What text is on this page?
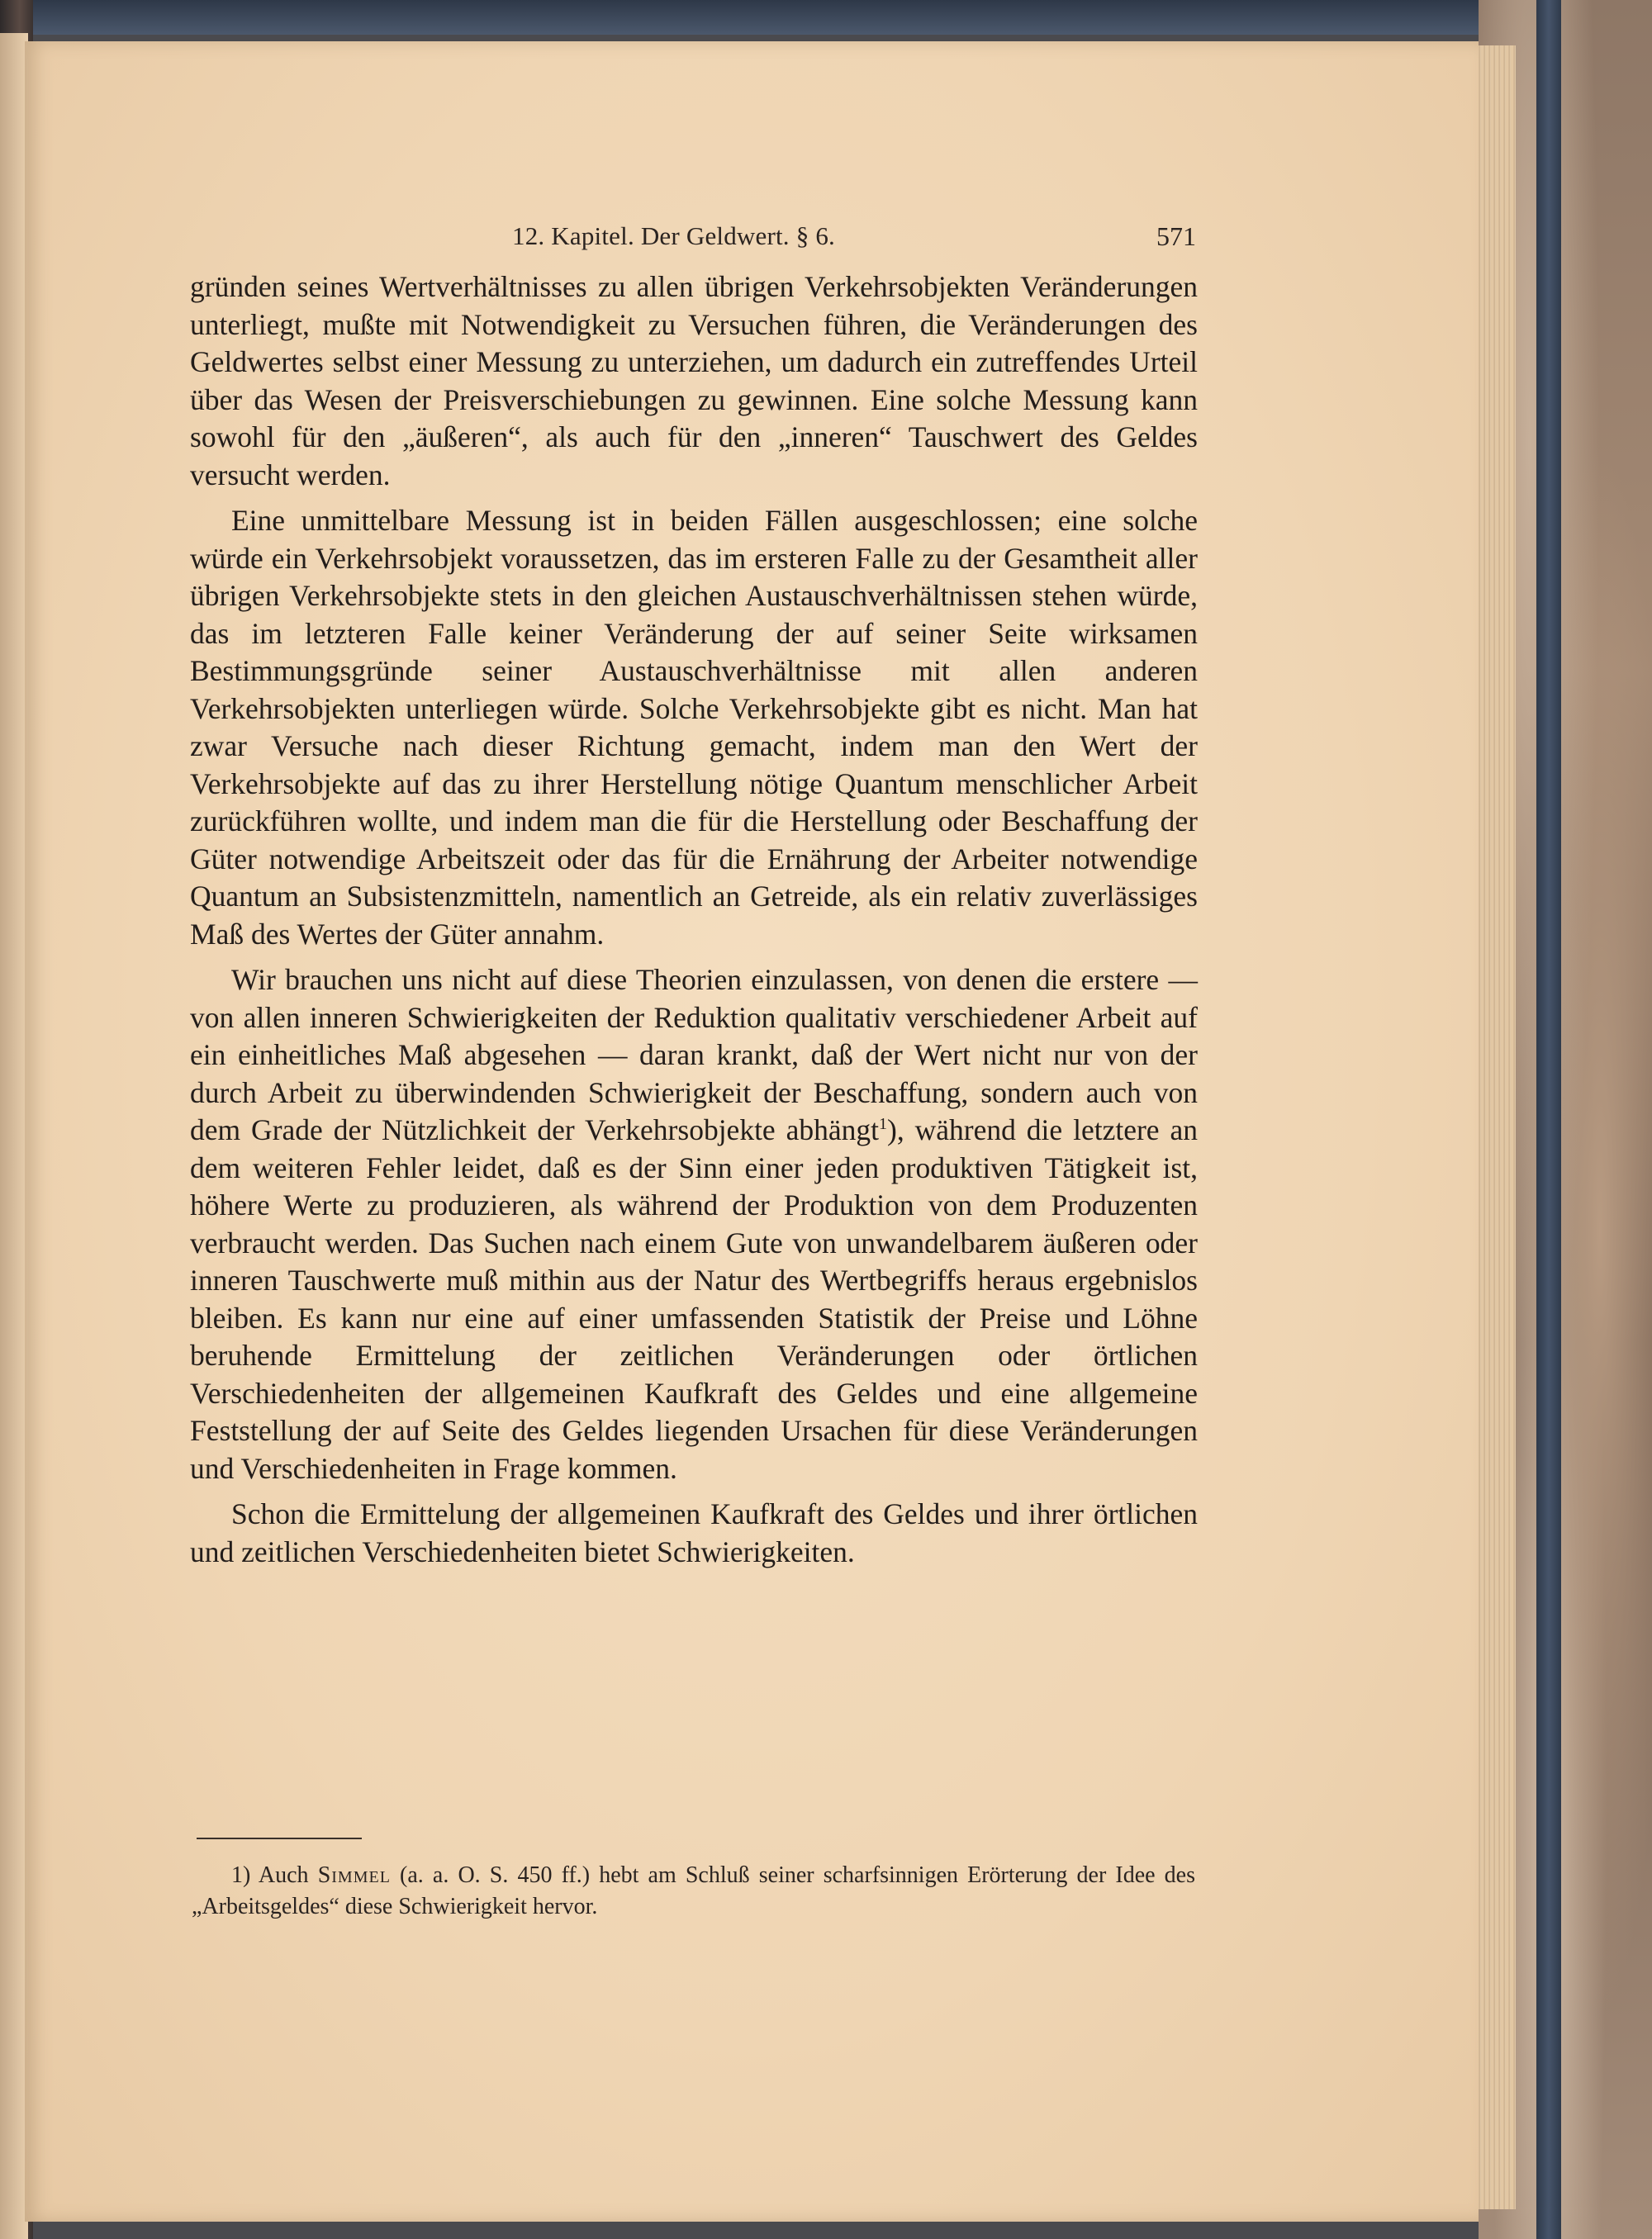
12. Kapitel. Der Geldwert. § 6.	571

gründen seines Wertverhältnisses zu allen übrigen Verkehrsobjekten Veränderungen unterliegt, mußte mit Notwendigkeit zu Versuchen führen, die Veränderungen des Geldwertes selbst einer Messung zu unterziehen, um dadurch ein zutreffendes Urteil über das Wesen der Preisverschiebungen zu gewinnen. Eine solche Messung kann sowohl für den „äußeren“, als auch für den „inneren“ Tauschwert des Geldes versucht werden.

Eine unmittelbare Messung ist in beiden Fällen ausgeschlossen; eine solche würde ein Verkehrsobjekt voraussetzen, das im ersteren Falle zu der Gesamtheit aller übrigen Verkehrsobjekte stets in den gleichen Austauschverhältnissen stehen würde, das im letzteren Falle keiner Veränderung der auf seiner Seite wirksamen Bestimmungsgründe seiner Austauschverhältnisse mit allen anderen Verkehrsobjekten unterliegen würde. Solche Verkehrsobjekte gibt es nicht. Man hat zwar Versuche nach dieser Richtung gemacht, indem man den Wert der Verkehrsobjekte auf das zu ihrer Herstellung nötige Quantum menschlicher Arbeit zurückführen wollte, und indem man die für die Herstellung oder Beschaffung der Güter notwendige Arbeitszeit oder das für die Ernährung der Arbeiter notwendige Quantum an Subsistenzmitteln, namentlich an Getreide, als ein relativ zuverlässiges Maß des Wertes der Güter annahm.

Wir brauchen uns nicht auf diese Theorien einzulassen, von denen die erstere — von allen inneren Schwierigkeiten der Reduktion qualitativ verschiedener Arbeit auf ein einheitliches Maß abgesehen — daran krankt, daß der Wert nicht nur von der durch Arbeit zu überwindenden Schwierigkeit der Beschaffung, sondern auch von dem Grade der Nützlichkeit der Verkehrsobjekte abhängt$^1$), während die letztere an dem weiteren Fehler leidet, daß es der Sinn einer jeden produktiven Tätigkeit ist, höhere Werte zu produzieren, als während der Produktion von dem Produzenten verbraucht werden. Das Suchen nach einem Gute von unwandelbarem äußeren oder inneren Tauschwerte muß mithin aus der Natur des Wertbegriffs heraus ergebnislos bleiben. Es kann nur eine auf einer umfassenden Statistik der Preise und Löhne beruhende Ermittelung der zeitlichen Veränderungen oder örtlichen Verschiedenheiten der allgemeinen Kaufkraft des Geldes und eine allgemeine Feststellung der auf Seite des Geldes liegenden Ursachen für diese Veränderungen und Verschiedenheiten in Frage kommen.

Schon die Ermittelung der allgemeinen Kaufkraft des Geldes und ihrer örtlichen und zeitlichen Verschiedenheiten bietet Schwierigkeiten.

1) Auch Simmel (a. a. O. S. 450 ff.) hebt am Schluß seiner scharfsinnigen Erörterung der Idee des „Arbeitsgeldes“ diese Schwierigkeit hervor.
